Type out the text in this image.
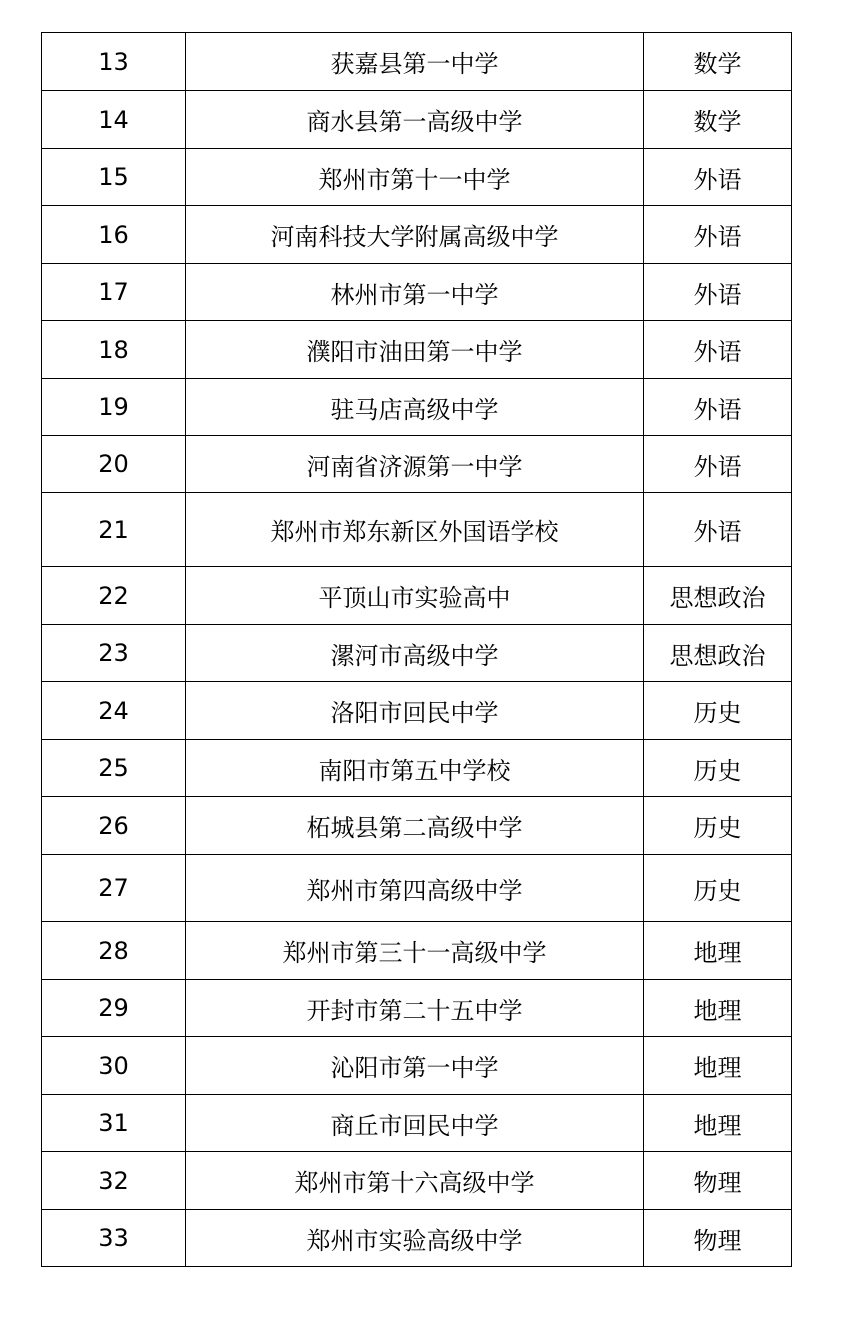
13	获嘉县第一中学	数学
14	商水县第一高级中学	数学
15	郑州市第十一中学	外语
16	河南科技大学附属高级中学	外语
17	林州市第一中学	外语
18	濮阳市油田第一中学	外语
19	驻马店高级中学	外语
20	河南省济源第一中学	外语
21	郑州市郑东新区外国语学校	外语
22	平顶山市实验高中	思想政治
23	漯河市高级中学	思想政治
24	洛阳市回民中学	历史
25	南阳市第五中学校	历史
26	柘城县第二高级中学	历史
27	郑州市第四高级中学	历史
28	郑州市第三十一高级中学	地理
29	开封市第二十五中学	地理
30	沁阳市第一中学	地理
31	商丘市回民中学	地理
32	郑州市第十六高级中学	物理
33	郑州市实验高级中学	物理
